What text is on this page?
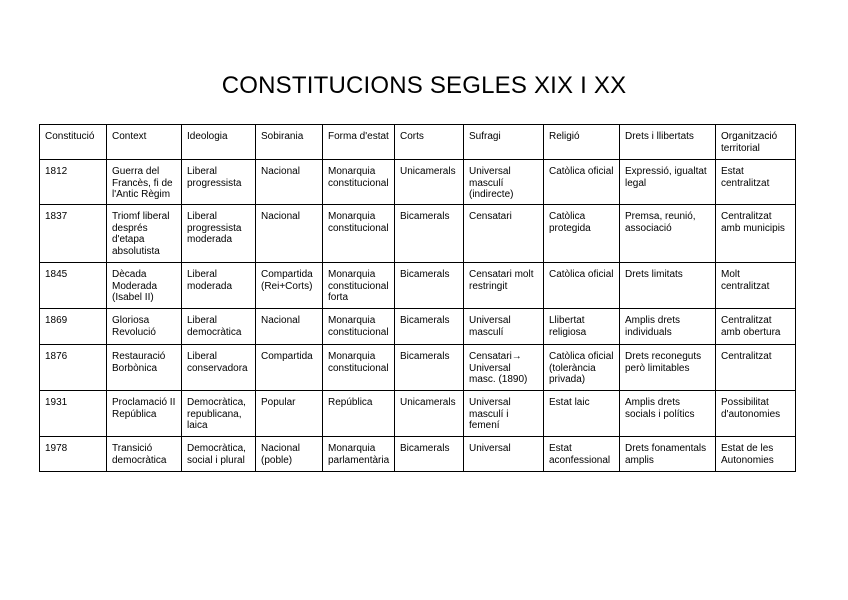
CONSTITUCIONS SEGLES XIX I XX
Constitució	Context	Ideologia	Sobirania	Forma d'estat	Corts	Sufragi	Religió	Drets i llibertats	Organització territorial
1812	Guerra del Francès, fi de l'Antic Règim	Liberal progressista	Nacional	Monarquia constitucional	Unicamerals	Universal masculí (indirecte)	Catòlica oficial	Expressió, igualtat legal	Estat centralitzat
1837	Triomf liberal després d'etapa absolutista	Liberal progressista moderada	Nacional	Monarquia constitucional	Bicamerals	Censatari	Catòlica protegida	Premsa, reunió, associació	Centralitzat amb municipis
1845	Dècada Moderada (Isabel II)	Liberal moderada	Compartida (Rei+Corts)	Monarquia constitucional forta	Bicamerals	Censatari molt restringit	Catòlica oficial	Drets limitats	Molt centralitzat
1869	Gloriosa Revolució	Liberal democràtica	Nacional	Monarquia constitucional	Bicamerals	Universal masculí	Llibertat religiosa	Amplis drets individuals	Centralitzat amb obertura
1876	Restauració Borbònica	Liberal conservadora	Compartida	Monarquia constitucional	Bicamerals	Censatari→ Universal masc. (1890)	Catòlica oficial (tolerància privada)	Drets reconeguts però limitables	Centralitzat
1931	Proclamació II República	Democràtica, republicana, laica	Popular	República	Unicamerals	Universal masculí i femení	Estat laic	Amplis drets socials i polítics	Possibilitat d'autonomies
1978	Transició democràtica	Democràtica, social i plural	Nacional (poble)	Monarquia parlamentària	Bicamerals	Universal	Estat aconfessional	Drets fonamentals amplis	Estat de les Autonomies
